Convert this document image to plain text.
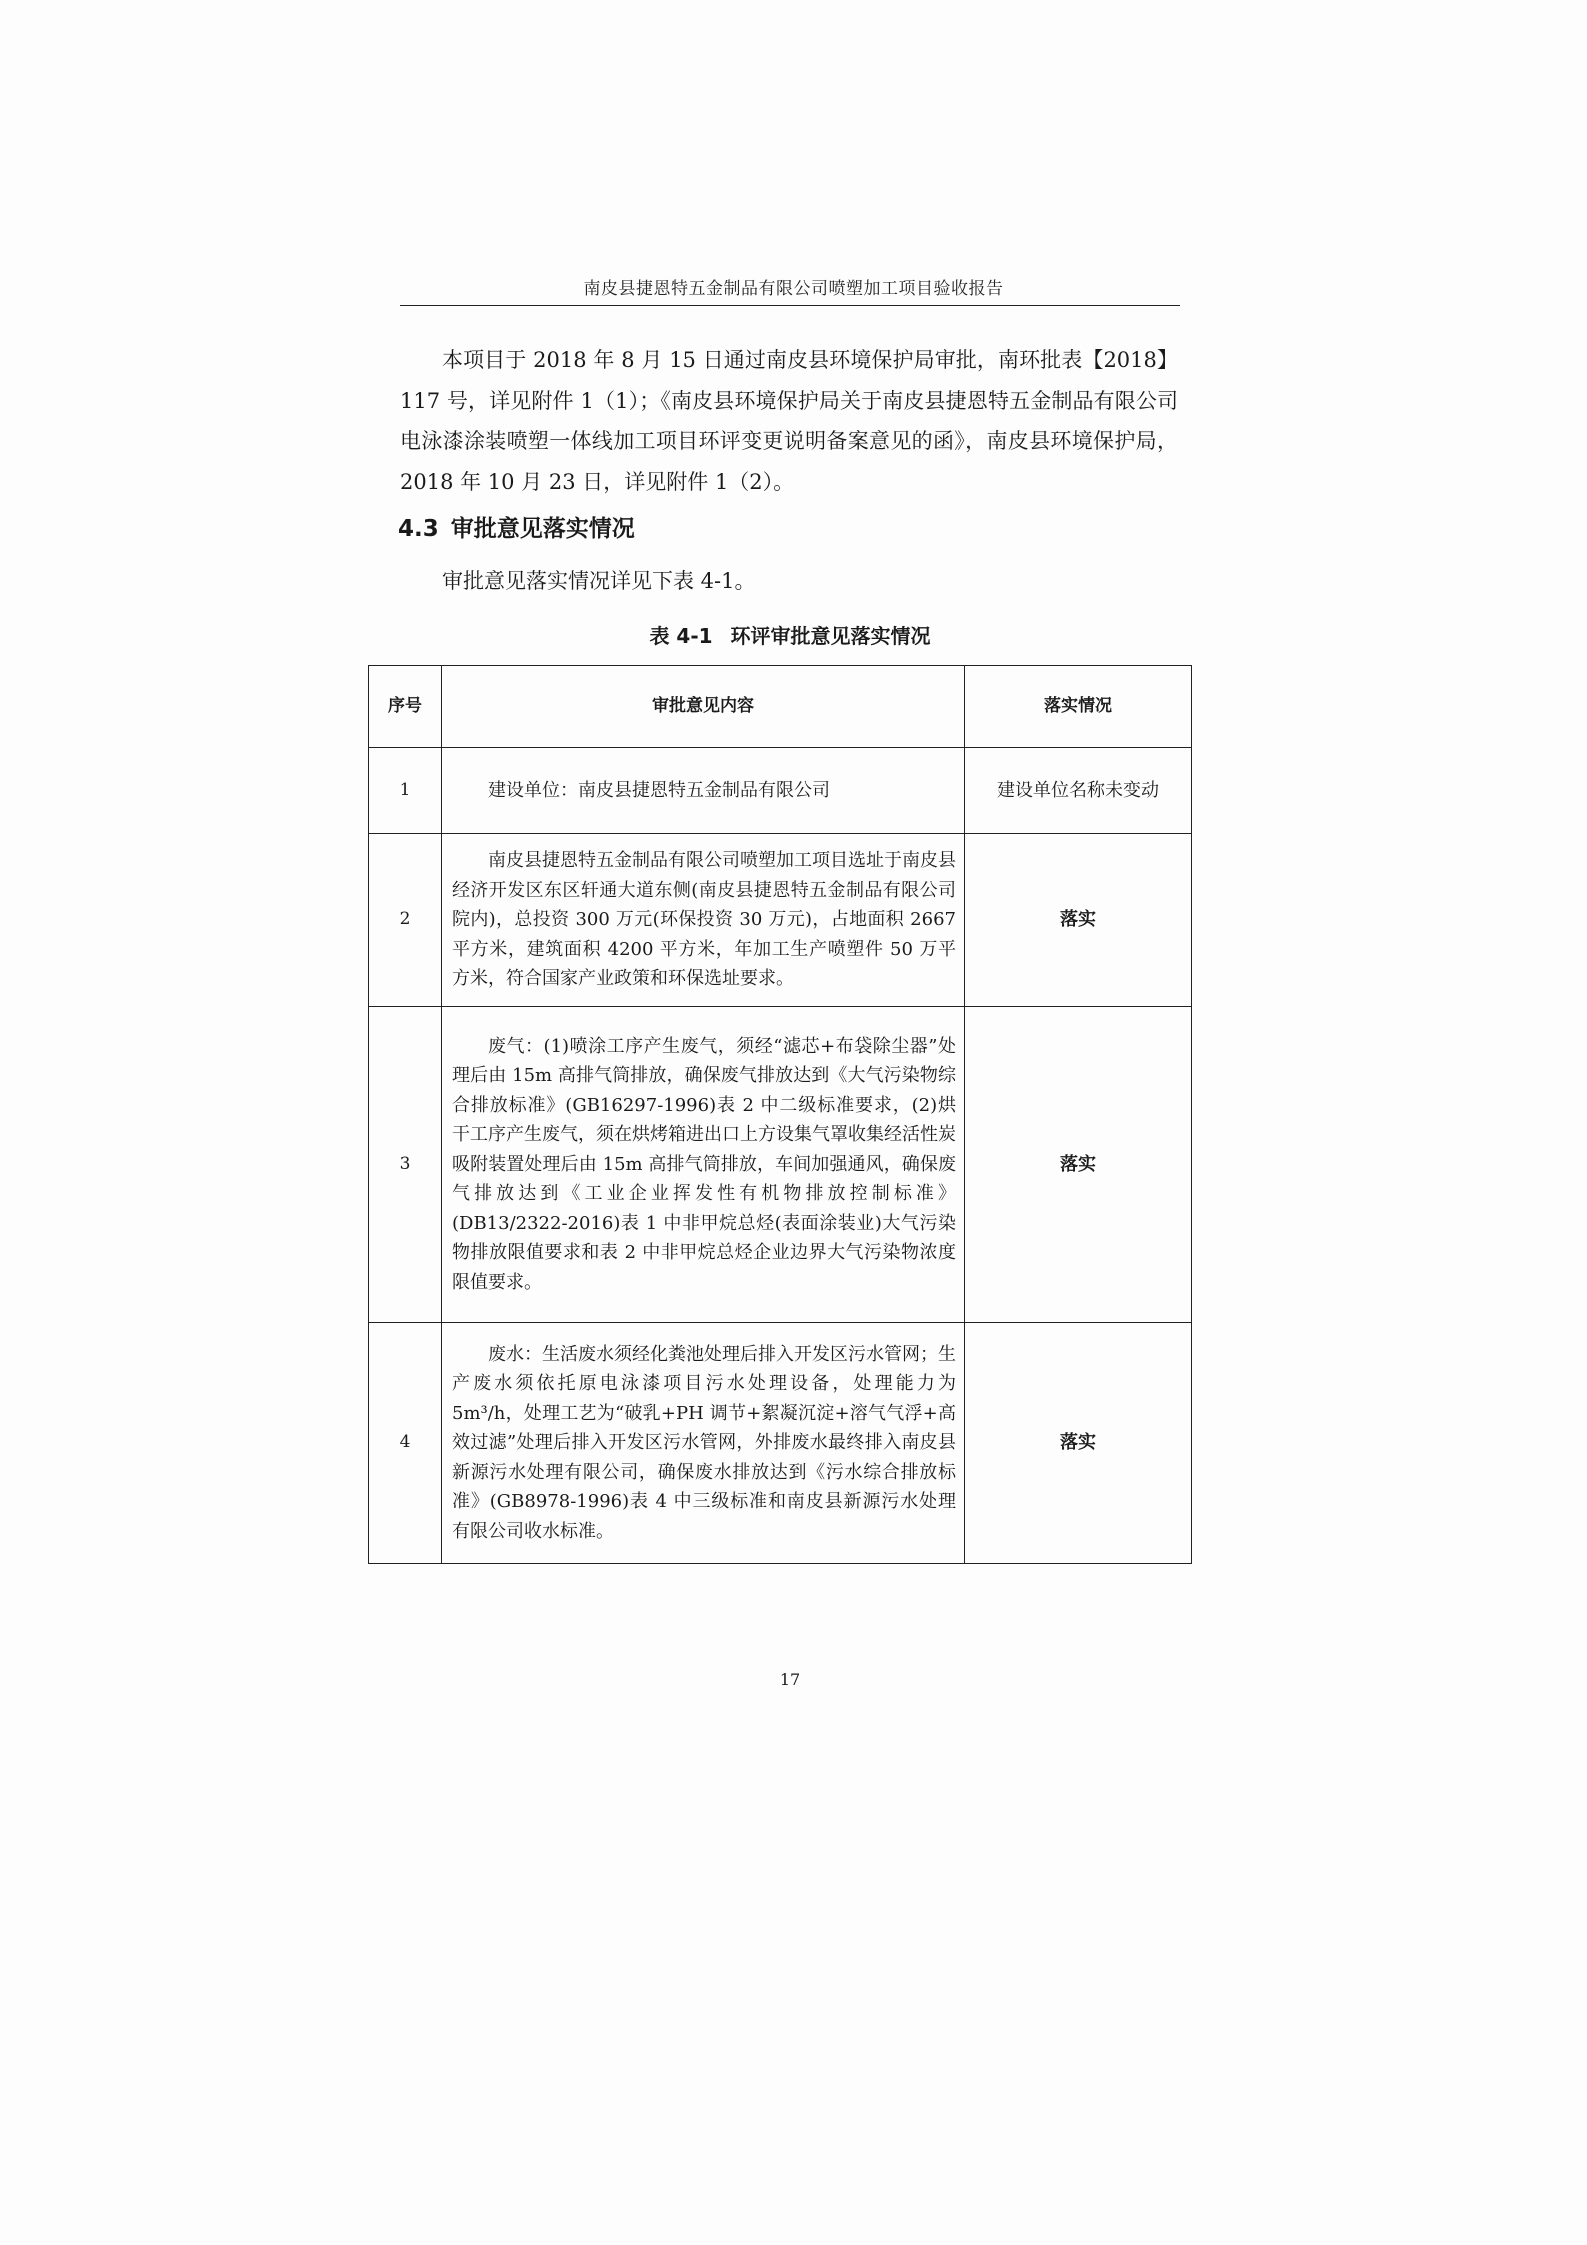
南皮县捷恩特五金制品有限公司喷塑加工项目验收报告

本项目于 2018 年 8 月 15 日通过南皮县环境保护局审批，南环批表【2018】117 号，详见附件 1（1）；《南皮县环境保护局关于南皮县捷恩特五金制品有限公司电泳漆涂装喷塑一体线加工项目环评变更说明备案意见的函》，南皮县环境保护局，2018 年 10 月 23 日，详见附件 1（2）。

4.3 审批意见落实情况

审批意见落实情况详见下表 4-1。

表 4-1 环评审批意见落实情况

序号	审批意见内容	落实情况
1	建设单位：南皮县捷恩特五金制品有限公司	建设单位名称未变动
2	南皮县捷恩特五金制品有限公司喷塑加工项目选址于南皮县经济开发区东区轩通大道东侧(南皮县捷恩特五金制品有限公司院内)，总投资 300 万元(环保投资 30 万元)，占地面积 2667 平方米，建筑面积 4200 平方米，年加工生产喷塑件 50 万平方米，符合国家产业政策和环保选址要求。	落实
3	废气：(1)喷涂工序产生废气，须经“滤芯+布袋除尘器”处理后由 15m 高排气筒排放，确保废气排放达到《大气污染物综合排放标准》(GB16297-1996)表 2 中二级标准要求，(2)烘干工序产生废气，须在烘烤箱进出口上方设集气罩收集经活性炭吸附装置处理后由 15m 高排气筒排放，车间加强通风，确保废气排放达到《工业企业挥发性有机物排放控制标准》(DB13/2322-2016)表 1 中非甲烷总烃(表面涂装业)大气污染物排放限值要求和表 2 中非甲烷总烃企业边界大气污染物浓度限值要求。	落实
4	废水：生活废水须经化粪池处理后排入开发区污水管网；生产废水须依托原电泳漆项目污水处理设备，处理能力为 5m³/h，处理工艺为“破乳+PH 调节+絮凝沉淀+溶气气浮+高效过滤”处理后排入开发区污水管网，外排废水最终排入南皮县新源污水处理有限公司，确保废水排放达到《污水综合排放标准》(GB8978-1996)表 4 中三级标准和南皮县新源污水处理有限公司收水标准。	落实
17
